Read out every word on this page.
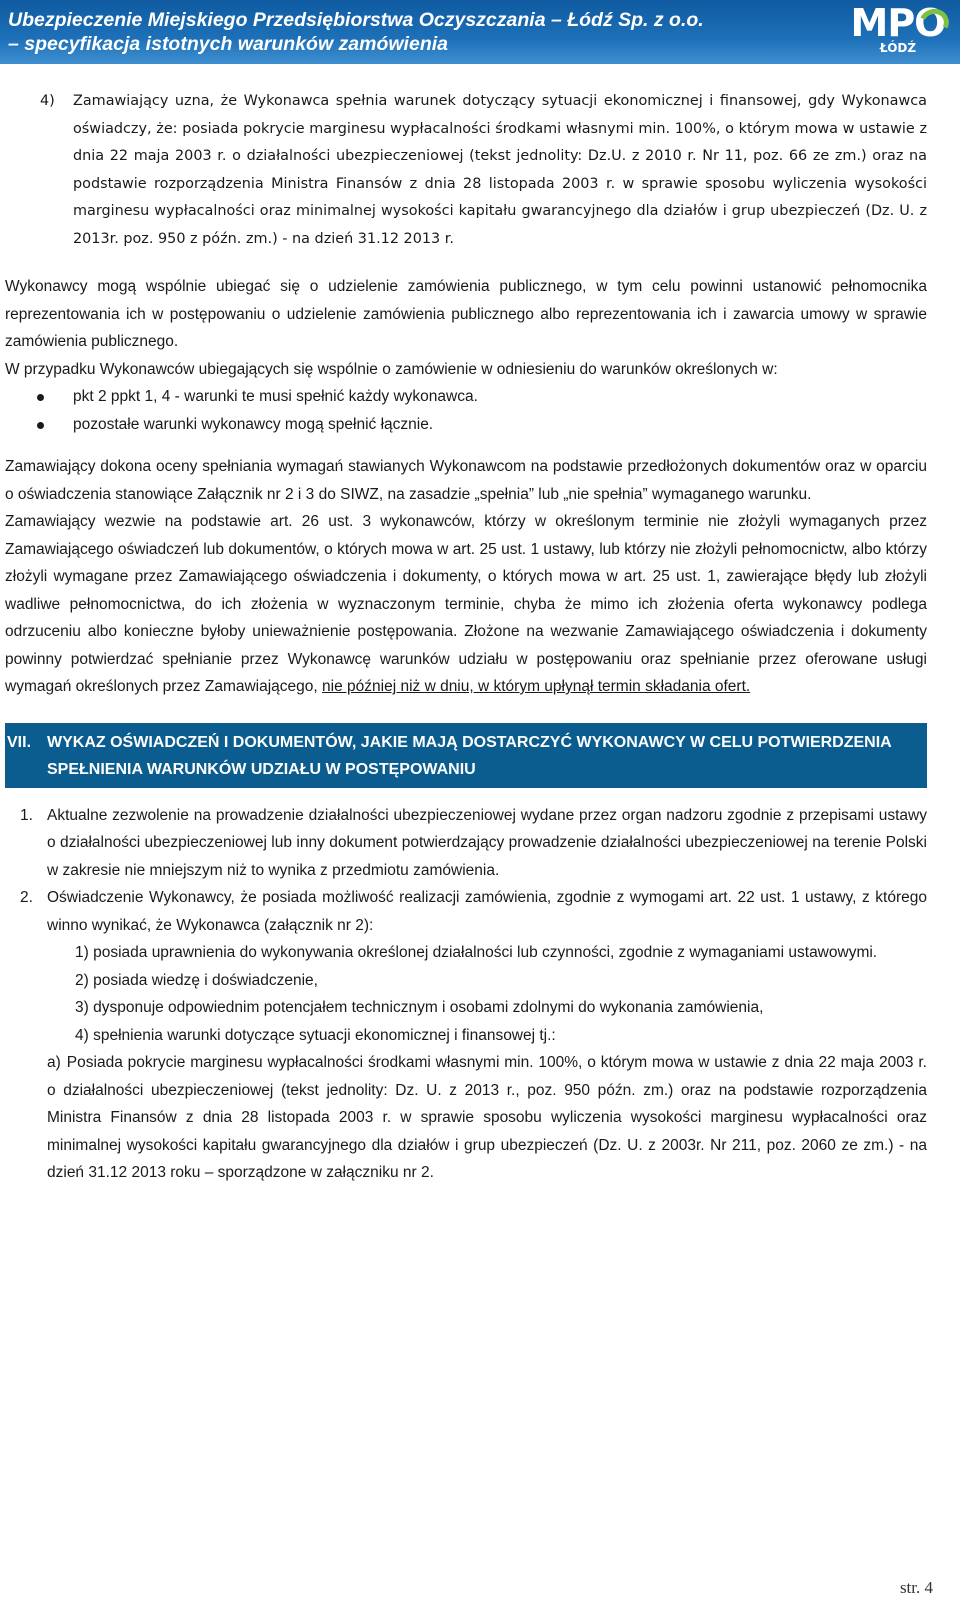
Ubezpieczenie Miejskiego Przedsiębiorstwa Oczyszczania – Łódź Sp. z o.o.
– specyfikacja istotnych warunków zamówienia	MPO
ŁÓDŹ

4) Zamawiający uzna, że Wykonawca spełnia warunek dotyczący sytuacji ekonomicznej i finansowej, gdy Wykonawca oświadczy, że: posiada pokrycie marginesu wypłacalności środkami własnymi min. 100%, o którym mowa w ustawie z dnia 22 maja 2003 r. o działalności ubezpieczeniowej (tekst jednolity: Dz.U. z 2010 r. Nr 11, poz. 66 ze zm.) oraz na podstawie rozporządzenia Ministra Finansów z dnia 28 listopada 2003 r. w sprawie sposobu wyliczenia wysokości marginesu wypłacalności oraz minimalnej wysokości kapitału gwarancyjnego dla działów i grup ubezpieczeń (Dz. U. z 2013r. poz. 950 z późn. zm.) - na dzień 31.12 2013 r.

Wykonawcy mogą wspólnie ubiegać się o udzielenie zamówienia publicznego, w tym celu powinni ustanowić pełnomocnika reprezentowania ich w postępowaniu o udzielenie zamówienia publicznego albo reprezentowania ich i zawarcia umowy w sprawie zamówienia publicznego.

W przypadku Wykonawców ubiegających się wspólnie o zamówienie w odniesieniu do warunków określonych w:

pkt 2 ppkt 1, 4 - warunki te musi spełnić każdy wykonawca.
pozostałe warunki wykonawcy mogą spełnić łącznie.

Zamawiający dokona oceny spełniania wymagań stawianych Wykonawcom na podstawie przedłożonych dokumentów oraz w oparciu o oświadczenia stanowiące Załącznik nr 2 i 3 do SIWZ, na zasadzie „spełnia” lub „nie spełnia” wymaganego warunku.

Zamawiający wezwie na podstawie art. 26 ust. 3 wykonawców, którzy w określonym terminie nie złożyli wymaganych przez Zamawiającego oświadczeń lub dokumentów, o których mowa w art. 25 ust. 1 ustawy, lub którzy nie złożyli pełnomocnictw, albo którzy złożyli wymagane przez Zamawiającego oświadczenia i dokumenty, o których mowa w art. 25 ust. 1, zawierające błędy lub złożyli wadliwe pełnomocnictwa, do ich złożenia w wyznaczonym terminie, chyba że mimo ich złożenia oferta wykonawcy podlega odrzuceniu albo konieczne byłoby unieważnienie postępowania. Złożone na wezwanie Zamawiającego oświadczenia i dokumenty powinny potwierdzać spełnianie przez Wykonawcę warunków udziału w postępowaniu oraz spełnianie przez oferowane usługi wymagań określonych przez Zamawiającego, nie później niż w dniu, w którym upłynął termin składania ofert.

VII. WYKAZ OŚWIADCZEŃ I DOKUMENTÓW, JAKIE MAJĄ DOSTARCZYĆ WYKONAWCY W CELU POTWIERDZENIA SPEŁNIENIA WARUNKÓW UDZIAŁU W POSTĘPOWANIU
1. Aktualne zezwolenie na prowadzenie działalności ubezpieczeniowej wydane przez organ nadzoru zgodnie z przepisami ustawy o działalności ubezpieczeniowej lub inny dokument potwierdzający prowadzenie działalności ubezpieczeniowej na terenie Polski w zakresie nie mniejszym niż to wynika z przedmiotu zamówienia.
2. Oświadczenie Wykonawcy, że posiada możliwość realizacji zamówienia, zgodnie z wymogami art. 22 ust. 1 ustawy, z którego winno wynikać, że Wykonawca (załącznik nr 2):

1) posiada uprawnienia do wykonywania określonej działalności lub czynności, zgodnie z wymaganiami ustawowymi.

2) posiada wiedzę i doświadczenie,

3) dysponuje odpowiednim potencjałem technicznym i osobami zdolnymi do wykonania zamówienia,

4) spełnienia warunki dotyczące sytuacji ekonomicznej i finansowej tj.:

a) Posiada pokrycie marginesu wypłacalności środkami własnymi min. 100%, o którym mowa w ustawie z dnia 22 maja 2003 r. o działalności ubezpieczeniowej (tekst jednolity: Dz. U. z 2013 r., poz. 950 późn. zm.) oraz na podstawie rozporządzenia Ministra Finansów z dnia 28 listopada 2003 r. w sprawie sposobu wyliczenia wysokości marginesu wypłacalności oraz minimalnej wysokości kapitału gwarancyjnego dla działów i grup ubezpieczeń (Dz. U. z 2003r. Nr 211, poz. 2060 ze zm.) - na dzień 31.12 2013 roku – sporządzone w załączniku nr 2.

str. 4
